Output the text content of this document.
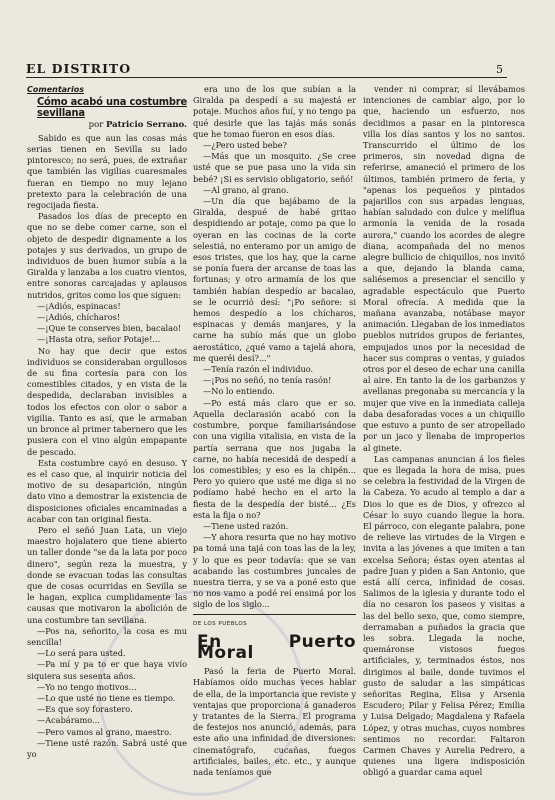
EL DISTRITO	5
Comentarios
Cómo acabó una costumbre sevillana
por Patricio Serrano.

Sabido es que aun las cosas más serias tienen en Sevilla su lado pintoresco; no será, pues, de extrañar que también las vigilias cuaresmales fueran en tiempo no muy lejano pretexto para la celebración de una regocijada fiesta.

Pasados los días de precepto en que no se debe comer carne, son el objeto de despedir dignamente a los potajes y sus derivados, un grupo de individuos de buen humor subía a la Giralda y lanzaba a los cuatro vientos, entre sonoras carcajadas y aplausos nutridos, gritos como los que siguen:

—¡Adiós, espinacas!

—¡Adiós, chícharos!

—¡Que te conserves bien, bacalao!

—¡Hasta otra, señor Potaje!...

No hay que decir que estos individuos se consideraban orgullosos de su fina cortesía para con los comestibles citados, y en vista de la despedida, declaraban invisibles a todos los efectos con olor o sabor a vigilia. Tanto es así, que le armaban un bronce al primer tabernero que les pusiera con el vino algún empapante de pescado.

Esta costumbre cayó en desuso. Y es el caso que, al inquirir noticia del motivo de su desaparición, ningún dato vino a demostrar la existencia de disposiciones oficiales encaminadas a acabar con tan original fiesta.

Pero el señó Juan Lata, un viejo maestro hojalatero que tiene abierto un taller donde "se da la lata por poco dinero", según reza la muestra, y donde se evacuan todas las consultas que de cosas ocurridas en Sevilla se le hagan, explica cumplidamente las causas que motivaron la abolición de una costumbre tan sevillana.

—Pos na, señorito, la cosa es mu sencilla!

—Lo será para usted.

—Pa mí y pa to er que haya vivío siquiera sus sesenta años.

—Yo no tengo motivos...

—Lo que usté no tiene es tiempo.

—Es que soy forastero.

—Acabáramo...

—Pero vamos al grano, maestro.

—Tiene usté razón. Sabrá usté que yo

era uno de los que subían a la Giralda pa despedí a su majestá er potaje. Muchos años fuí, y no tengo pa qué desirle que las tajás más sonás que he tomao fueron en esos días.

—¿Pero usted bebe?

—Más que un mosquito. ¿Se cree usté que se pue pasa uno la vida sin bebé? ¡Si es servisio obligatorio, señó!

—Al grano, al grano.

—Un día que bajábamo de la Giralda, despué de habé gritao despidiendo ar potaje, como pa que lo oyeran en las cocinas de la corte selestiá, no enteramo por un amigo de esos tristes, que los hay, que la carne se ponía fuera der arcanse de toas las fortunas; y otro armamía de los que también habían despedío ar bacalao, se le ocurrió desí: "¡Po señore: si hemos despedío a los chícharos, espinacas y demás manjares, y la carne ha subío más que un globo aerostático, ¿qué vamo a tajelá ahora, me queréi desí?..."

—Tenía razón el individuo.

—¡Pos no señó, no tenía rasón!

—No lo entiendo.

—Po está más claro que er so. Aquella declarasión acabó con la costumbre, porque familiarisándose con una vigilia vitalisia, en vista de la partía serrana que nos jugaba la carne, no había necesidá de despedí a los comestibles; y eso es la chipén... Pero yo quiero que usté me diga si no podíamo habé hecho en el arto la fiesta de la despedía der bisté... ¿Es esta la fija o no?

—Tiene usted razón.

—Y ahora resurta que no hay motivo pa tomá una tajá con toas las de la ley, y lo que es peor todavía: que se van acabando las costumbres juncales de nuestra tierra, y se va a poné esto que no nos vamo a podé reí ensimá por los siglo de los siglo...

DE LOS PUEBLOS
En Puerto Moral

Pasó la feria de Puerto Moral. Habíamos oído muchas veces hablar de ella, de la importancia que reviste y ventajas que proporciona á ganaderos y tratantes de la Sierra. El programa de festejos nos anunció, además, para este año una infinidad de diversiones: cinematógrafo, cucañas, fuegos artificiales, bailes, etc. etc., y aunque nada teníamos que

vender ni comprar, sí llevábamos intenciones de cambiar algo, por lo que, haciendo un esfuerzo, nos decidimos a pasar en la pintoresca villa los días santos y los no santos. Transcurrido el último de los primeros, sin novedad digna de referirse, amaneció el primero de los últimos, también primero de feria, y "apenas los pequeños y pintados pajarillos con sus arpadas lenguas, habían saludado con dulce y melíflua armonía la venida de la rosada aurora," cuando los acordes de alegre diana, acompañada del no menos alegre bullicio de chiquillos, nos invitó a que, dejando la blanda cama, saliésemos a presenciar el sencillo y agradable espectáculo que Puerto Moral ofrecía. A medida que la mañana avanzaba, notábase mayor animación. Llegaban de los inmediatos pueblos nutridos grupos de feriantes, empujados unos por la necesidad de hacer sus compras o ventas, y guiados otros por el deseo de echar una canilla al aire. En tanto la de los garbanzos y avellanas pregonaba su mercancía y la mujer que vive en la inmediata calleja daba desaforadas voces a un chiquillo que estuvo a punto de ser atropellado por un jaco y llenaba de improperios al ginete.

Las campanas anuncian á los fieles que es llegada la hora de misa, pues se celebra la festividad de la Virgen de la Cabeza. Yo acudo al templo a dar a Dios lo que es de Dios, y ofrezco al César lo suyo cuando llegue la hora. El párroco, con elegante palabra, pone de relieve las virtudes de la Virgen e invita a las jóvenes a que imiten a tan excelsa Señora; éstas oyen atentas al padre Juan y piden a San Antonio, que está allí cerca, infinidad de cosas. Salimos de la iglesia y durante todo el día no cesaron los paseos y visitas a las del bello sexo, que, como siempre, derramaban a puñados la gracia que les sobra. Llegada la noche, quemáronse vistosos fuegos artificiales, y, terminados éstos, nos dirigimos al baile, donde tuvimos el gusto de saludar a las simpáticas señoritas Regina, Elisa y Arsenia Escudero; Pilar y Felisa Pérez; Emilia y Luisa Delgado; Magdalena y Rafaela López, y otras muchas, cuyos nombres sentimos no recordar. Faltaron Carmen Chaves y Aurelia Pedrero, a quienes una ligera indisposición obligó a guardar cama aquel
